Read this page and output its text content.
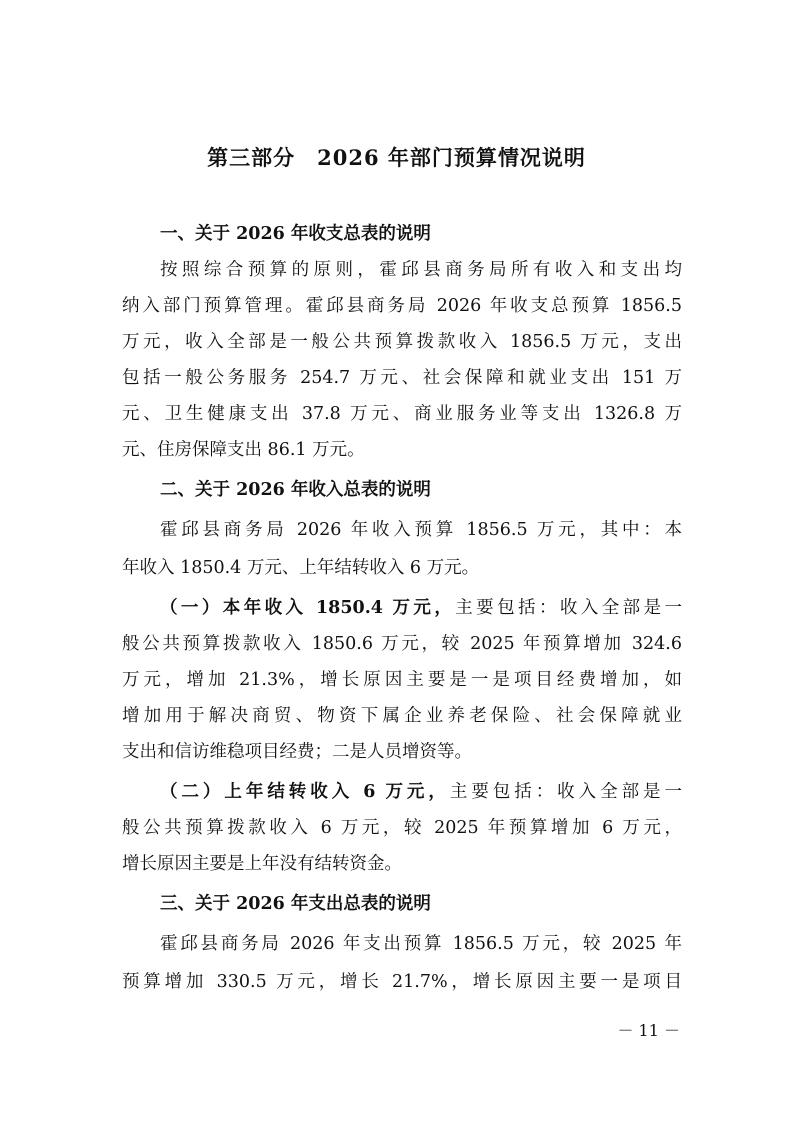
第三部分　2026 年部门预算情况说明
一、关于 2026 年收支总表的说明
按照综合预算的原则，霍邱县商务局所有收入和支出均
纳入部门预算管理。霍邱县商务局 2026 年收支总预算 1856.5
万元，收入全部是一般公共预算拨款收入 1856.5 万元，支出
包括一般公务服务 254.7 万元、社会保障和就业支出 151 万
元、卫生健康支出 37.8 万元、商业服务业等支出 1326.8 万
元、住房保障支出 86.1 万元。
二、关于 2026 年收入总表的说明
霍邱县商务局 2026 年收入预算 1856.5 万元，其中：本
年收入 1850.4 万元、上年结转收入 6 万元。
（一）本年收入 1850.4 万元，主要包括：收入全部是一
般公共预算拨款收入 1850.6 万元，较 2025 年预算增加 324.6
万元，增加 21.3%，增长原因主要是一是项目经费增加，如
增加用于解决商贸、物资下属企业养老保险、社会保障就业
支出和信访维稳项目经费；二是人员增资等。
（二）上年结转收入 6 万元，主要包括：收入全部是一
般公共预算拨款收入 6 万元，较 2025 年预算增加 6 万元，
增长原因主要是上年没有结转资金。
三、关于 2026 年支出总表的说明
霍邱县商务局 2026 年支出预算 1856.5 万元，较 2025 年
预算增加 330.5 万元，增长 21.7%，增长原因主要一是项目
－ 11 －
